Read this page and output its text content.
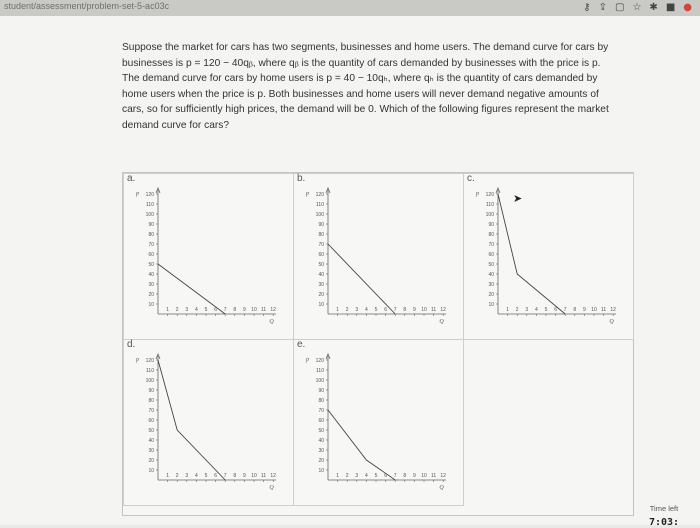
student/assessment/problem-set-5-ac03c	⚷ ⇪ ▢ ☆ ✱ ■ ●
Suppose the market for cars has two segments, businesses and home users. The demand curve for cars by
businesses is p = 120 − 40qᵦ, where qᵦ is the quantity of cars demanded by businesses with the price is p.
The demand curve for cars by home users is p = 40 − 10qₕ, where qₕ is the quantity of cars demanded by
home users when the price is p. Both businesses and home users will never demand negative amounts of
cars, so for sufficiently high prices, the demand will be 0. Which of the following figures represent the market
demand curve for cars?
a.
p 120
110
100
90
80
70
60
50
40
30
20
10
1 2 3 4 5 6 7 8 9 10 11 12
Q
b.
p 120
110
100
90
80
70
60
50
40
30
20
10
1 2 3 4 5 6 7 8 9 10 11 12
Q
c.
p 120
110
100
90
80
70
60
50
40
30
20
10
1 2 3 4 5 6 7 8 9 10 11 12
Q
d.
p 120
110
100
90
80
70
60
50
40
30
20
10
1 2 3 4 5 6 7 8 9 10 11 12
Q
e.
p 120
110
100
90
80
70
60
50
40
30
20
10
1 2 3 4 5 6 7 8 9 10 11 12
Q
➤
Time left
7:03:
